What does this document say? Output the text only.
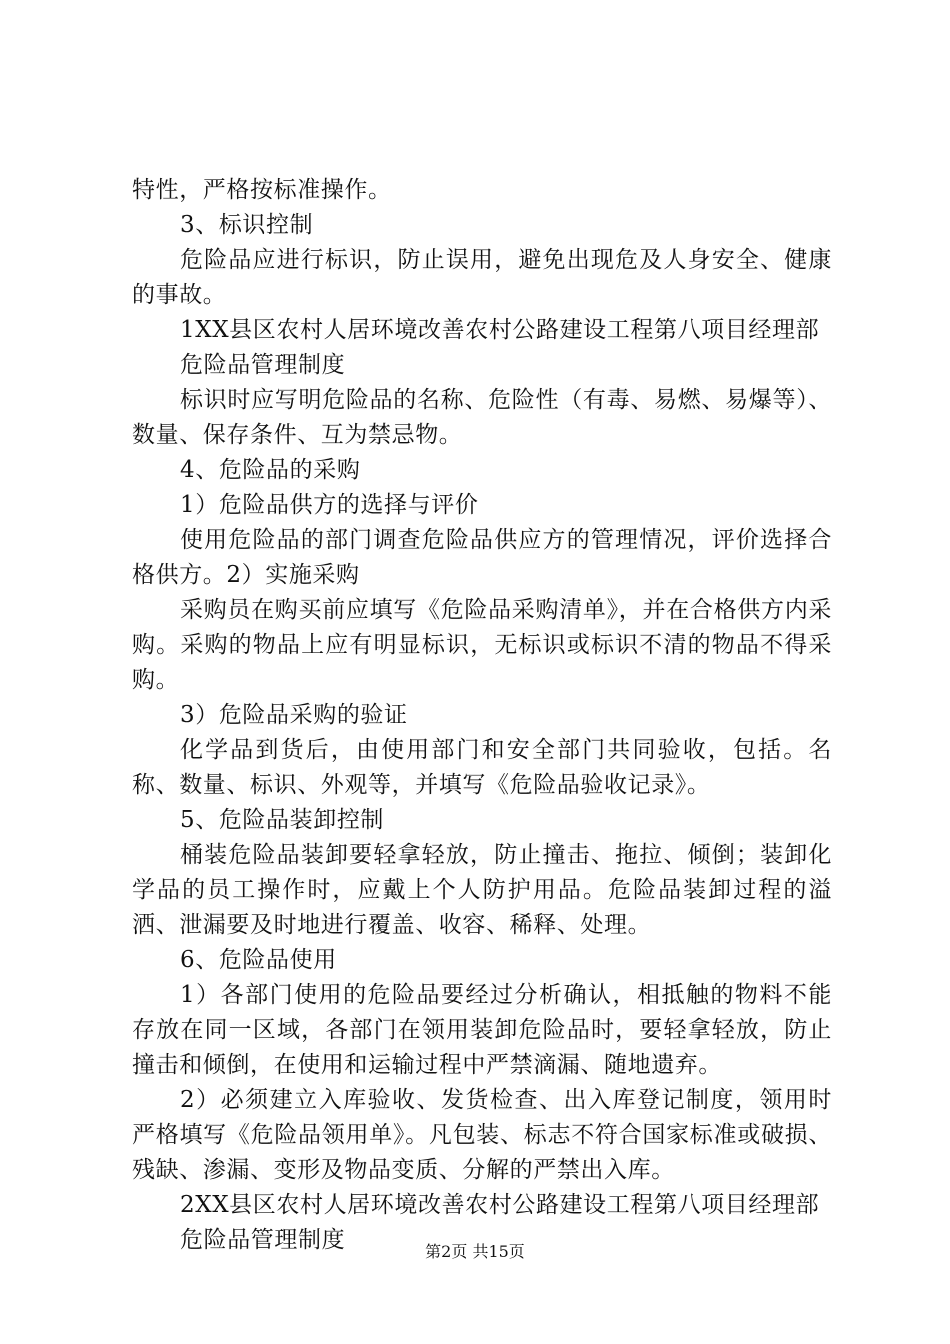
特性，严格按标准操作。

3、标识控制

危险品应进行标识，防止误用，避免出现危及人身安全、健康的事故。

1XX县区农村人居环境改善农村公路建设工程第八项目经理部

危险品管理制度

标识时应写明危险品的名称、危险性（有毒、易燃、易爆等）、数量、保存条件、互为禁忌物。

4、危险品的采购

1）危险品供方的选择与评价

使用危险品的部门调查危险品供应方的管理情况，评价选择合格供方。2）实施采购

采购员在购买前应填写《危险品采购清单》，并在合格供方内采购。采购的物品上应有明显标识，无标识或标识不清的物品不得采购。

3）危险品采购的验证

化学品到货后，由使用部门和安全部门共同验收，包括。名称、数量、标识、外观等，并填写《危险品验收记录》。

5、危险品装卸控制

桶装危险品装卸要轻拿轻放，防止撞击、拖拉、倾倒；装卸化学品的员工操作时，应戴上个人防护用品。危险品装卸过程的溢洒、泄漏要及时地进行覆盖、收容、稀释、处理。

6、危险品使用

1）各部门使用的危险品要经过分析确认，相抵触的物料不能存放在同一区域，各部门在领用装卸危险品时，要轻拿轻放，防止撞击和倾倒，在使用和运输过程中严禁滴漏、随地遗弃。

2）必须建立入库验收、发货检查、出入库登记制度，领用时严格填写《危险品领用单》。凡包装、标志不符合国家标准或破损、残缺、渗漏、变形及物品变质、分解的严禁出入库。

2XX县区农村人居环境改善农村公路建设工程第八项目经理部

危险品管理制度	第2页 共15页
